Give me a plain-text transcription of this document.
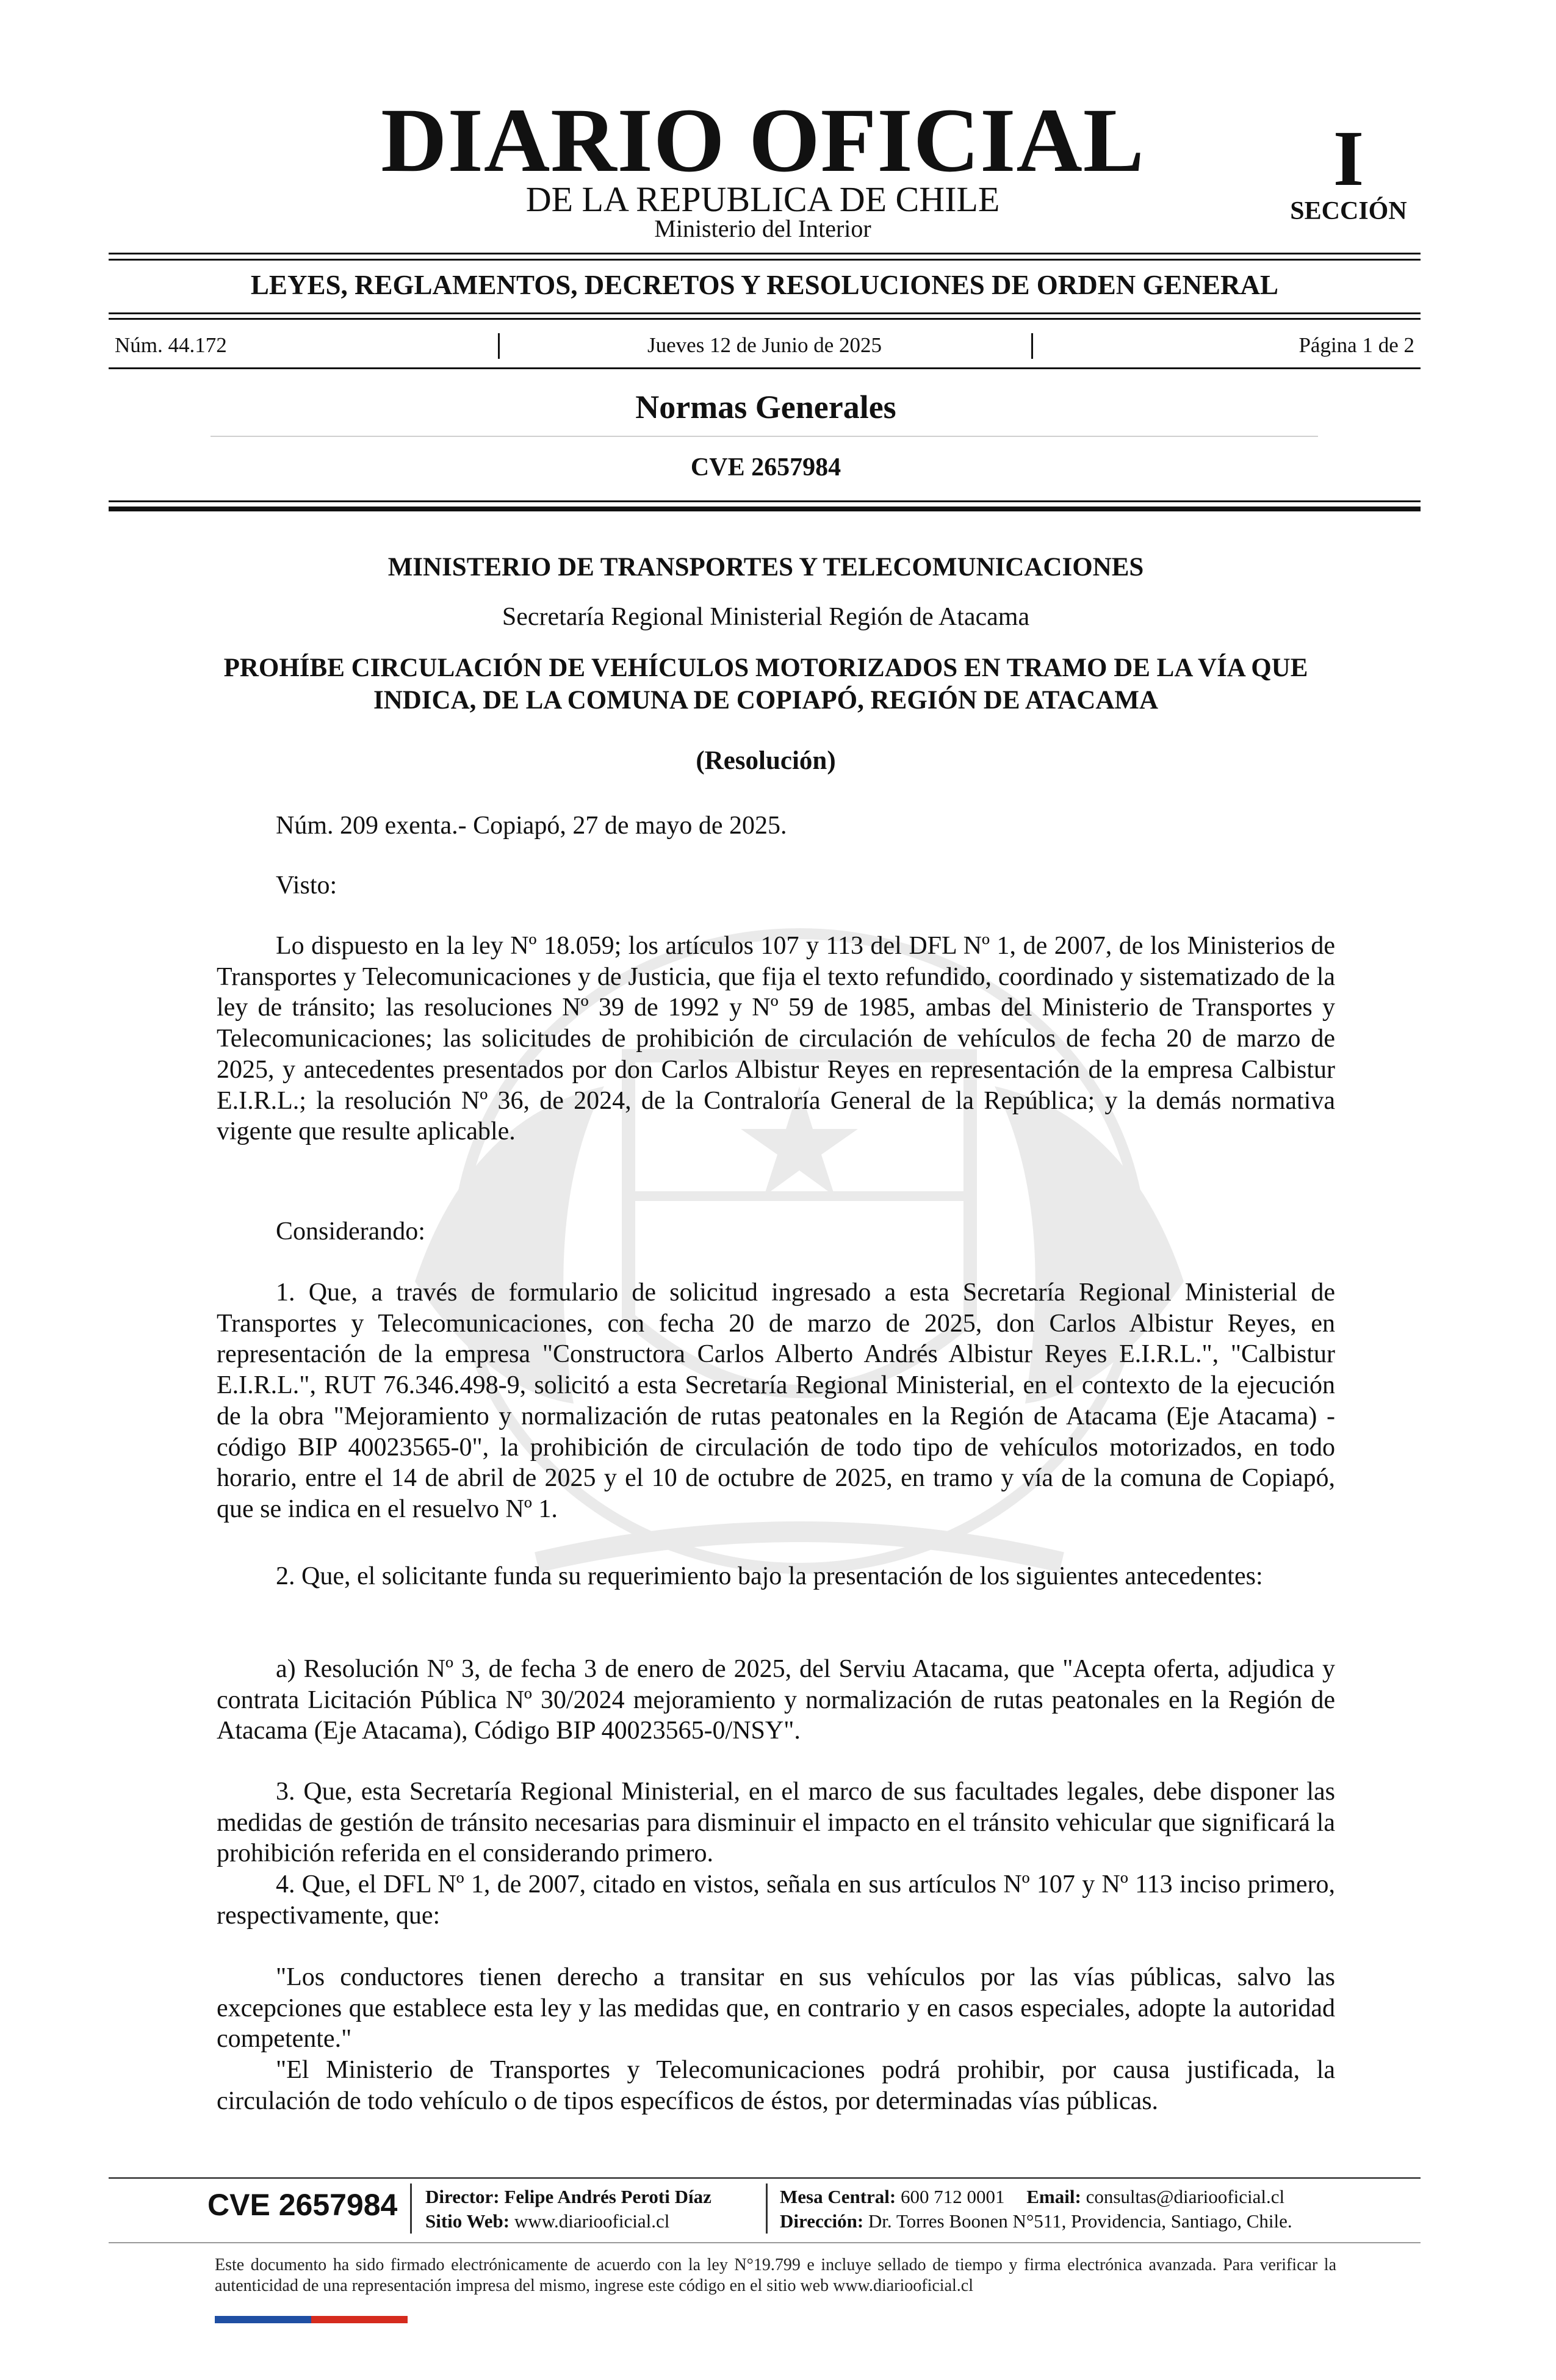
DIARIO OFICIAL
DE LA REPUBLICA DE CHILE
Ministerio del Interior
I
SECCIÓN
LEYES, REGLAMENTOS, DECRETOS Y RESOLUCIONES DE ORDEN GENERAL
Núm. 44.172	Jueves 12 de Junio de 2025	Página 1 de 2
Normas Generales
CVE 2657984
MINISTERIO DE TRANSPORTES Y TELECOMUNICACIONES
Secretaría Regional Ministerial Región de Atacama
PROHÍBE CIRCULACIÓN DE VEHÍCULOS MOTORIZADOS EN TRAMO DE LA VÍA QUE INDICA, DE LA COMUNA DE COPIAPÓ, REGIÓN DE ATACAMA
(Resolución)
Núm. 209 exenta.- Copiapó, 27 de mayo de 2025.
Visto:

Lo dispuesto en la ley Nº 18.059; los artículos 107 y 113 del DFL Nº 1, de 2007, de los Ministerios de Transportes y Telecomunicaciones y de Justicia, que fija el texto refundido, coordinado y sistematizado de la ley de tránsito; las resoluciones Nº 39 de 1992 y Nº 59 de 1985, ambas del Ministerio de Transportes y Telecomunicaciones; las solicitudes de prohibición de circulación de vehículos de fecha 20 de marzo de 2025, y antecedentes presentados por don Carlos Albistur Reyes en representación de la empresa Calbistur E.I.R.L.; la resolución Nº 36, de 2024, de la Contraloría General de la República; y la demás normativa vigente que resulte aplicable.

Considerando:

1. Que, a través de formulario de solicitud ingresado a esta Secretaría Regional Ministerial de Transportes y Telecomunicaciones, con fecha 20 de marzo de 2025, don Carlos Albistur Reyes, en representación de la empresa "Constructora Carlos Alberto Andrés Albistur Reyes E.I.R.L.", "Calbistur E.I.R.L.", RUT 76.346.498-9, solicitó a esta Secretaría Regional Ministerial, en el contexto de la ejecución de la obra "Mejoramiento y normalización de rutas peatonales en la Región de Atacama (Eje Atacama) - código BIP 40023565-0", la prohibición de circulación de todo tipo de vehículos motorizados, en todo horario, entre el 14 de abril de 2025 y el 10 de octubre de 2025, en tramo y vía de la comuna de Copiapó, que se indica en el resuelvo Nº 1.

2. Que, el solicitante funda su requerimiento bajo la presentación de los siguientes antecedentes:

a) Resolución Nº 3, de fecha 3 de enero de 2025, del Serviu Atacama, que "Acepta oferta, adjudica y contrata Licitación Pública Nº 30/2024 mejoramiento y normalización de rutas peatonales en la Región de Atacama (Eje Atacama), Código BIP 40023565-0/NSY".

3. Que, esta Secretaría Regional Ministerial, en el marco de sus facultades legales, debe disponer las medidas de gestión de tránsito necesarias para disminuir el impacto en el tránsito vehicular que significará la prohibición referida en el considerando primero.

4. Que, el DFL Nº 1, de 2007, citado en vistos, señala en sus artículos Nº 107 y Nº 113 inciso primero, respectivamente, que:

"Los conductores tienen derecho a transitar en sus vehículos por las vías públicas, salvo las excepciones que establece esta ley y las medidas que, en contrario y en casos especiales, adopte la autoridad competente."

"El Ministerio de Transportes y Telecomunicaciones podrá prohibir, por causa justificada, la circulación de todo vehículo o de tipos específicos de éstos, por determinadas vías públicas.

CVE 2657984 Director: Felipe Andrés Peroti Díaz
Sitio Web: www.diariooficial.cl
Mesa Central: 600 712 0001 Email: consultas@diariooficial.cl
Dirección: Dr. Torres Boonen N°511, Providencia, Santiago, Chile.

Este documento ha sido firmado electrónicamente de acuerdo con la ley N°19.799 e incluye sellado de tiempo y firma electrónica avanzada. Para verificar la autenticidad de una representación impresa del mismo, ingrese este código en el sitio web www.diariooficial.cl
